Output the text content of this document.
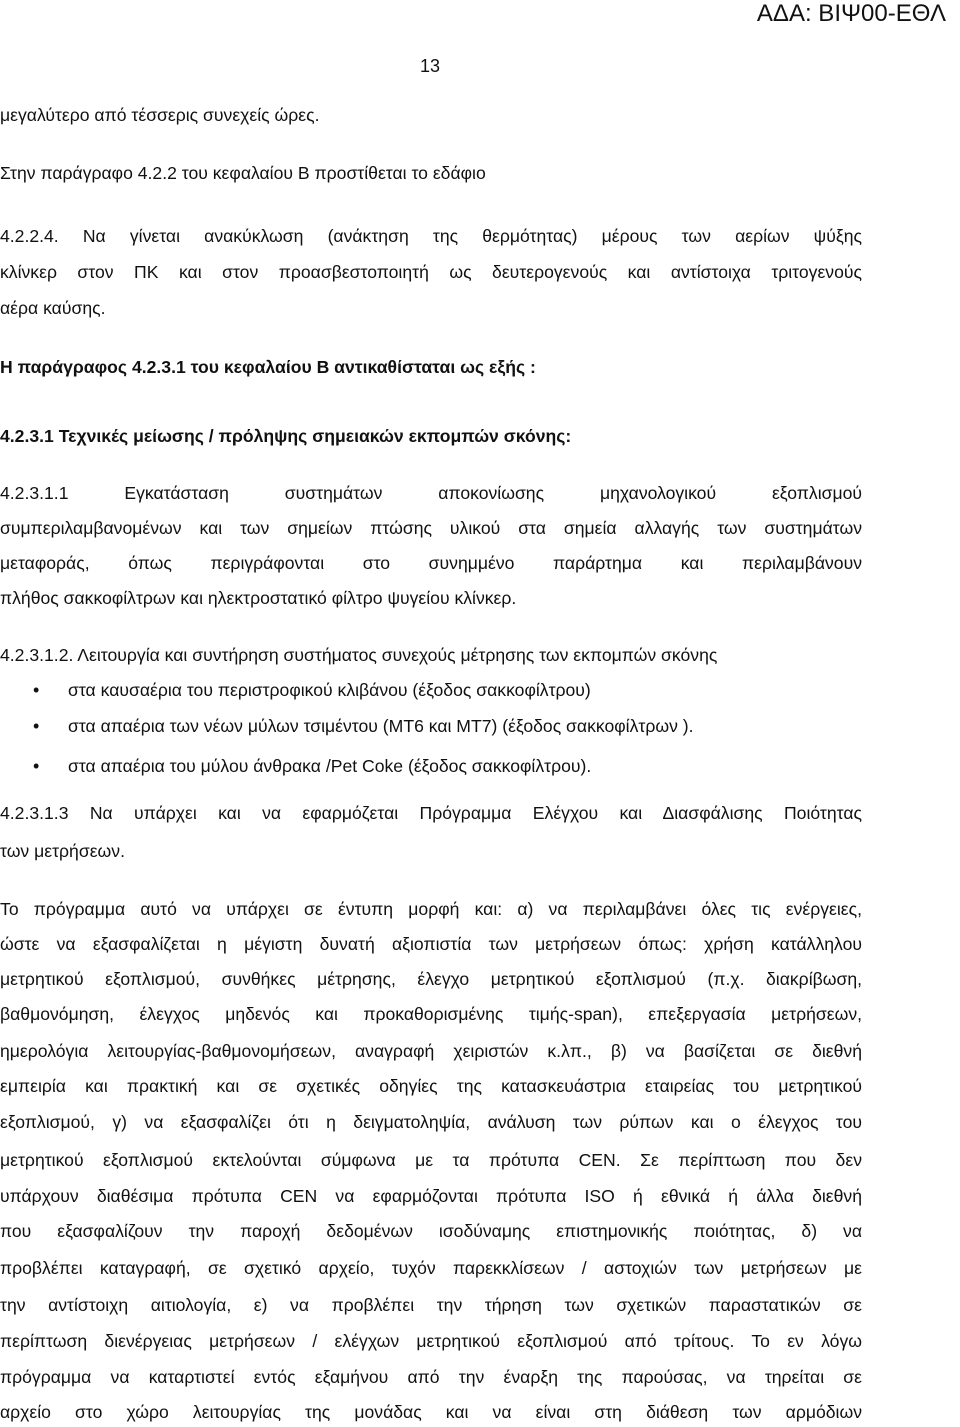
ΑΔΑ: ΒΙΨ00-ΕΘΛ
13
μεγαλύτερο από τέσσερις συνεχείς ώρες.
Στην παράγραφο 4.2.2 του κεφαλαίου Β προστίθεται το εδάφιο
4.2.2.4. Να γίνεται ανακύκλωση (ανάκτηση της θερμότητας) μέρους των αερίων ψύξης
κλίνκερ στον ΠΚ και στον προασβεστοποιητή ως δευτερογενούς και αντίστοιχα τριτογενούς
αέρα καύσης.
Η παράγραφος 4.2.3.1 του κεφαλαίου Β αντικαθίσταται ως εξής :
4.2.3.1 Τεχνικές μείωσης / πρόληψης σημειακών εκπομπών σκόνης:
4.2.3.1.1 Εγκατάσταση συστημάτων αποκονίωσης μηχανολογικού εξοπλισμού
συμπεριλαμβανομένων και των σημείων πτώσης υλικού στα σημεία αλλαγής των συστημάτων
μεταφοράς, όπως περιγράφονται στο συνημμένο παράρτημα και περιλαμβάνουν
πλήθος σακκοφίλτρων και ηλεκτροστατικό φίλτρο ψυγείου κλίνκερ.
4.2.3.1.2. Λειτουργία και συντήρηση συστήματος συνεχούς μέτρησης των εκπομπών σκόνης
• στα καυσαέρια του περιστροφικού κλιβάνου (έξοδος σακκοφίλτρου)
• στα απαέρια των νέων μύλων τσιμέντου (ΜΤ6 και ΜΤ7) (έξοδος σακκοφίλτρων ).
• στα απαέρια του μύλου άνθρακα /Pet Coke (έξοδος σακκοφίλτρου).
4.2.3.1.3 Να υπάρχει και να εφαρμόζεται Πρόγραμμα Ελέγχου και Διασφάλισης Ποιότητας
των μετρήσεων.
Το πρόγραμμα αυτό να υπάρχει σε έντυπη μορφή και: α) να περιλαμβάνει όλες τις ενέργειες,
ώστε να εξασφαλίζεται η μέγιστη δυνατή αξιοπιστία των μετρήσεων όπως: χρήση κατάλληλου
μετρητικού εξοπλισμού, συνθήκες μέτρησης, έλεγχο μετρητικού εξοπλισμού (π.χ. διακρίβωση,
βαθμονόμηση, έλεγχος μηδενός και προκαθορισμένης τιμής-span), επεξεργασία μετρήσεων,
ημερολόγια λειτουργίας-βαθμονομήσεων, αναγραφή χειριστών κ.λπ., β) να βασίζεται σε διεθνή
εμπειρία και πρακτική και σε σχετικές οδηγίες της κατασκευάστρια εταιρείας του μετρητικού
εξοπλισμού, γ) να εξασφαλίζει ότι η δειγματοληψία, ανάλυση των ρύπων και ο έλεγχος του
μετρητικού εξοπλισμού εκτελούνται σύμφωνα με τα πρότυπα CEN. Σε περίπτωση που δεν
υπάρχουν διαθέσιμα πρότυπα CEN να εφαρμόζονται πρότυπα ISO ή εθνικά ή άλλα διεθνή
που εξασφαλίζουν την παροχή δεδομένων ισοδύναμης επιστημονικής ποιότητας, δ) να
προβλέπει καταγραφή, σε σχετικό αρχείο, τυχόν παρεκκλίσεων / αστοχιών των μετρήσεων με
την αντίστοιχη αιτιολογία, ε) να προβλέπει την τήρηση των σχετικών παραστατικών σε
περίπτωση διενέργειας μετρήσεων / ελέγχων μετρητικού εξοπλισμού από τρίτους. Το εν λόγω
πρόγραμμα να καταρτιστεί εντός εξαμήνου από την έναρξη της παρούσας, να τηρείται σε
αρχείο στο χώρο λειτουργίας της μονάδας και να είναι στη διάθεση των αρμόδιων
